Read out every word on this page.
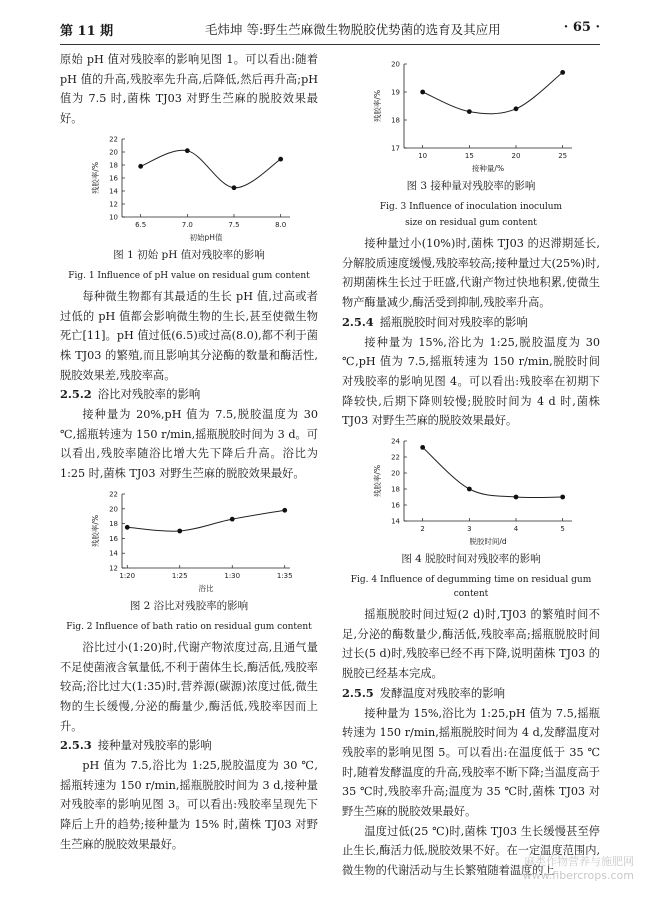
第 11 期	毛炜坤 等:野生苎麻微生物脱胶优势菌的选育及其应用	· 65 ·

原始 pH 值对残胶率的影响见图 1。可以看出:随着 pH 值的升高,残胶率先升高,后降低,然后再升高;pH 值为 7.5 时,菌株 TJ03 对野生苎麻的脱胶效果最好。

10
12
14
16
18
20
22
6.5	7.0	7.5	8.0
初始pH值
残胶率/%
图 1 初始 pH 值对残胶率的影响
Fig. 1 Influence of pH value on residual gum content

每种微生物都有其最适的生长 pH 值,过高或者过低的 pH 值都会影响微生物的生长,甚至使微生物死亡[11]。pH 值过低(6.5)或过高(8.0),都不利于菌株 TJ03 的繁殖,而且影响其分泌酶的数量和酶活性,脱胶效果差,残胶率高。

2.5.2 浴比对残胶率的影响

接种量为 20%,pH 值为 7.5,脱胶温度为 30 ℃,摇瓶转速为 150 r/min,摇瓶脱胶时间为 3 d。可以看出,残胶率随浴比增大先下降后升高。浴比为 1:25 时,菌株 TJ03 对野生苎麻的脱胶效果最好。

12
14
16
18
20
22
1:20	1:25	1:30	1:35
浴比
残胶率/%
图 2 浴比对残胶率的影响
Fig. 2 Influence of bath ratio on residual gum content

浴比过小(1:20)时,代谢产物浓度过高,且通气量不足使菌液含氧量低,不利于菌体生长,酶活低,残胶率较高;浴比过大(1:35)时,营养源(碳源)浓度过低,微生物的生长缓慢,分泌的酶量少,酶活低,残胶率因而上升。

2.5.3 接种量对残胶率的影响

pH 值为 7.5,浴比为 1:25,脱胶温度为 30 ℃,摇瓶转速为 150 r/min,摇瓶脱胶时间为 3 d,接种量对残胶率的影响见图 3。可以看出:残胶率呈现先下降后上升的趋势;接种量为 15% 时,菌株 TJ03 对野生苎麻的脱胶效果最好。

17
18
19
20
10	15	20	25
接种量/%
残胶率/%
图 3 接种量对残胶率的影响
Fig. 3 Influence of inoculation inoculum
size on residual gum content

接种量过小(10%)时,菌株 TJ03 的迟滞期延长,分解胶质速度缓慢,残胶率较高;接种量过大(25%)时,初期菌株生长过于旺盛,代谢产物过快地积累,使微生物产酶量减少,酶活受到抑制,残胶率升高。

2.5.4 摇瓶脱胶时间对残胶率的影响

接种量为 15%,浴比为 1:25,脱胶温度为 30 ℃,pH 值为 7.5,摇瓶转速为 150 r/min,脱胶时间对残胶率的影响见图 4。可以看出:残胶率在初期下降较快,后期下降则较慢;脱胶时间为 4 d 时,菌株 TJ03 对野生苎麻的脱胶效果最好。

14
16
18
20
22
24
2	3	4	5
脱胶时间/d
残胶率/%
图 4 脱胶时间对残胶率的影响
Fig. 4 Influence of degumming time on residual gum content

摇瓶脱胶时间过短(2 d)时,TJ03 的繁殖时间不足,分泌的酶数量少,酶活低,残胶率高;摇瓶脱胶时间过长(5 d)时,残胶率已经不再下降,说明菌株 TJ03 的脱胶已经基本完成。

2.5.5 发酵温度对残胶率的影响

接种量为 15%,浴比为 1:25,pH 值为 7.5,摇瓶转速为 150 r/min,摇瓶脱胶时间为 4 d,发酵温度对残胶率的影响见图 5。可以看出:在温度低于 35 ℃时,随着发酵温度的升高,残胶率不断下降;当温度高于 35 ℃时,残胶率升高;温度为 35 ℃时,菌株 TJ03 对野生苎麻的脱胶效果最好。

温度过低(25 ℃)时,菌株 TJ03 生长缓慢甚至停止生长,酶活力低,脱胶效果不好。在一定温度范围内,微生物的代谢活动与生长繁殖随着温度的上

麻类作物营养与施肥网
www.fibercrops.com
